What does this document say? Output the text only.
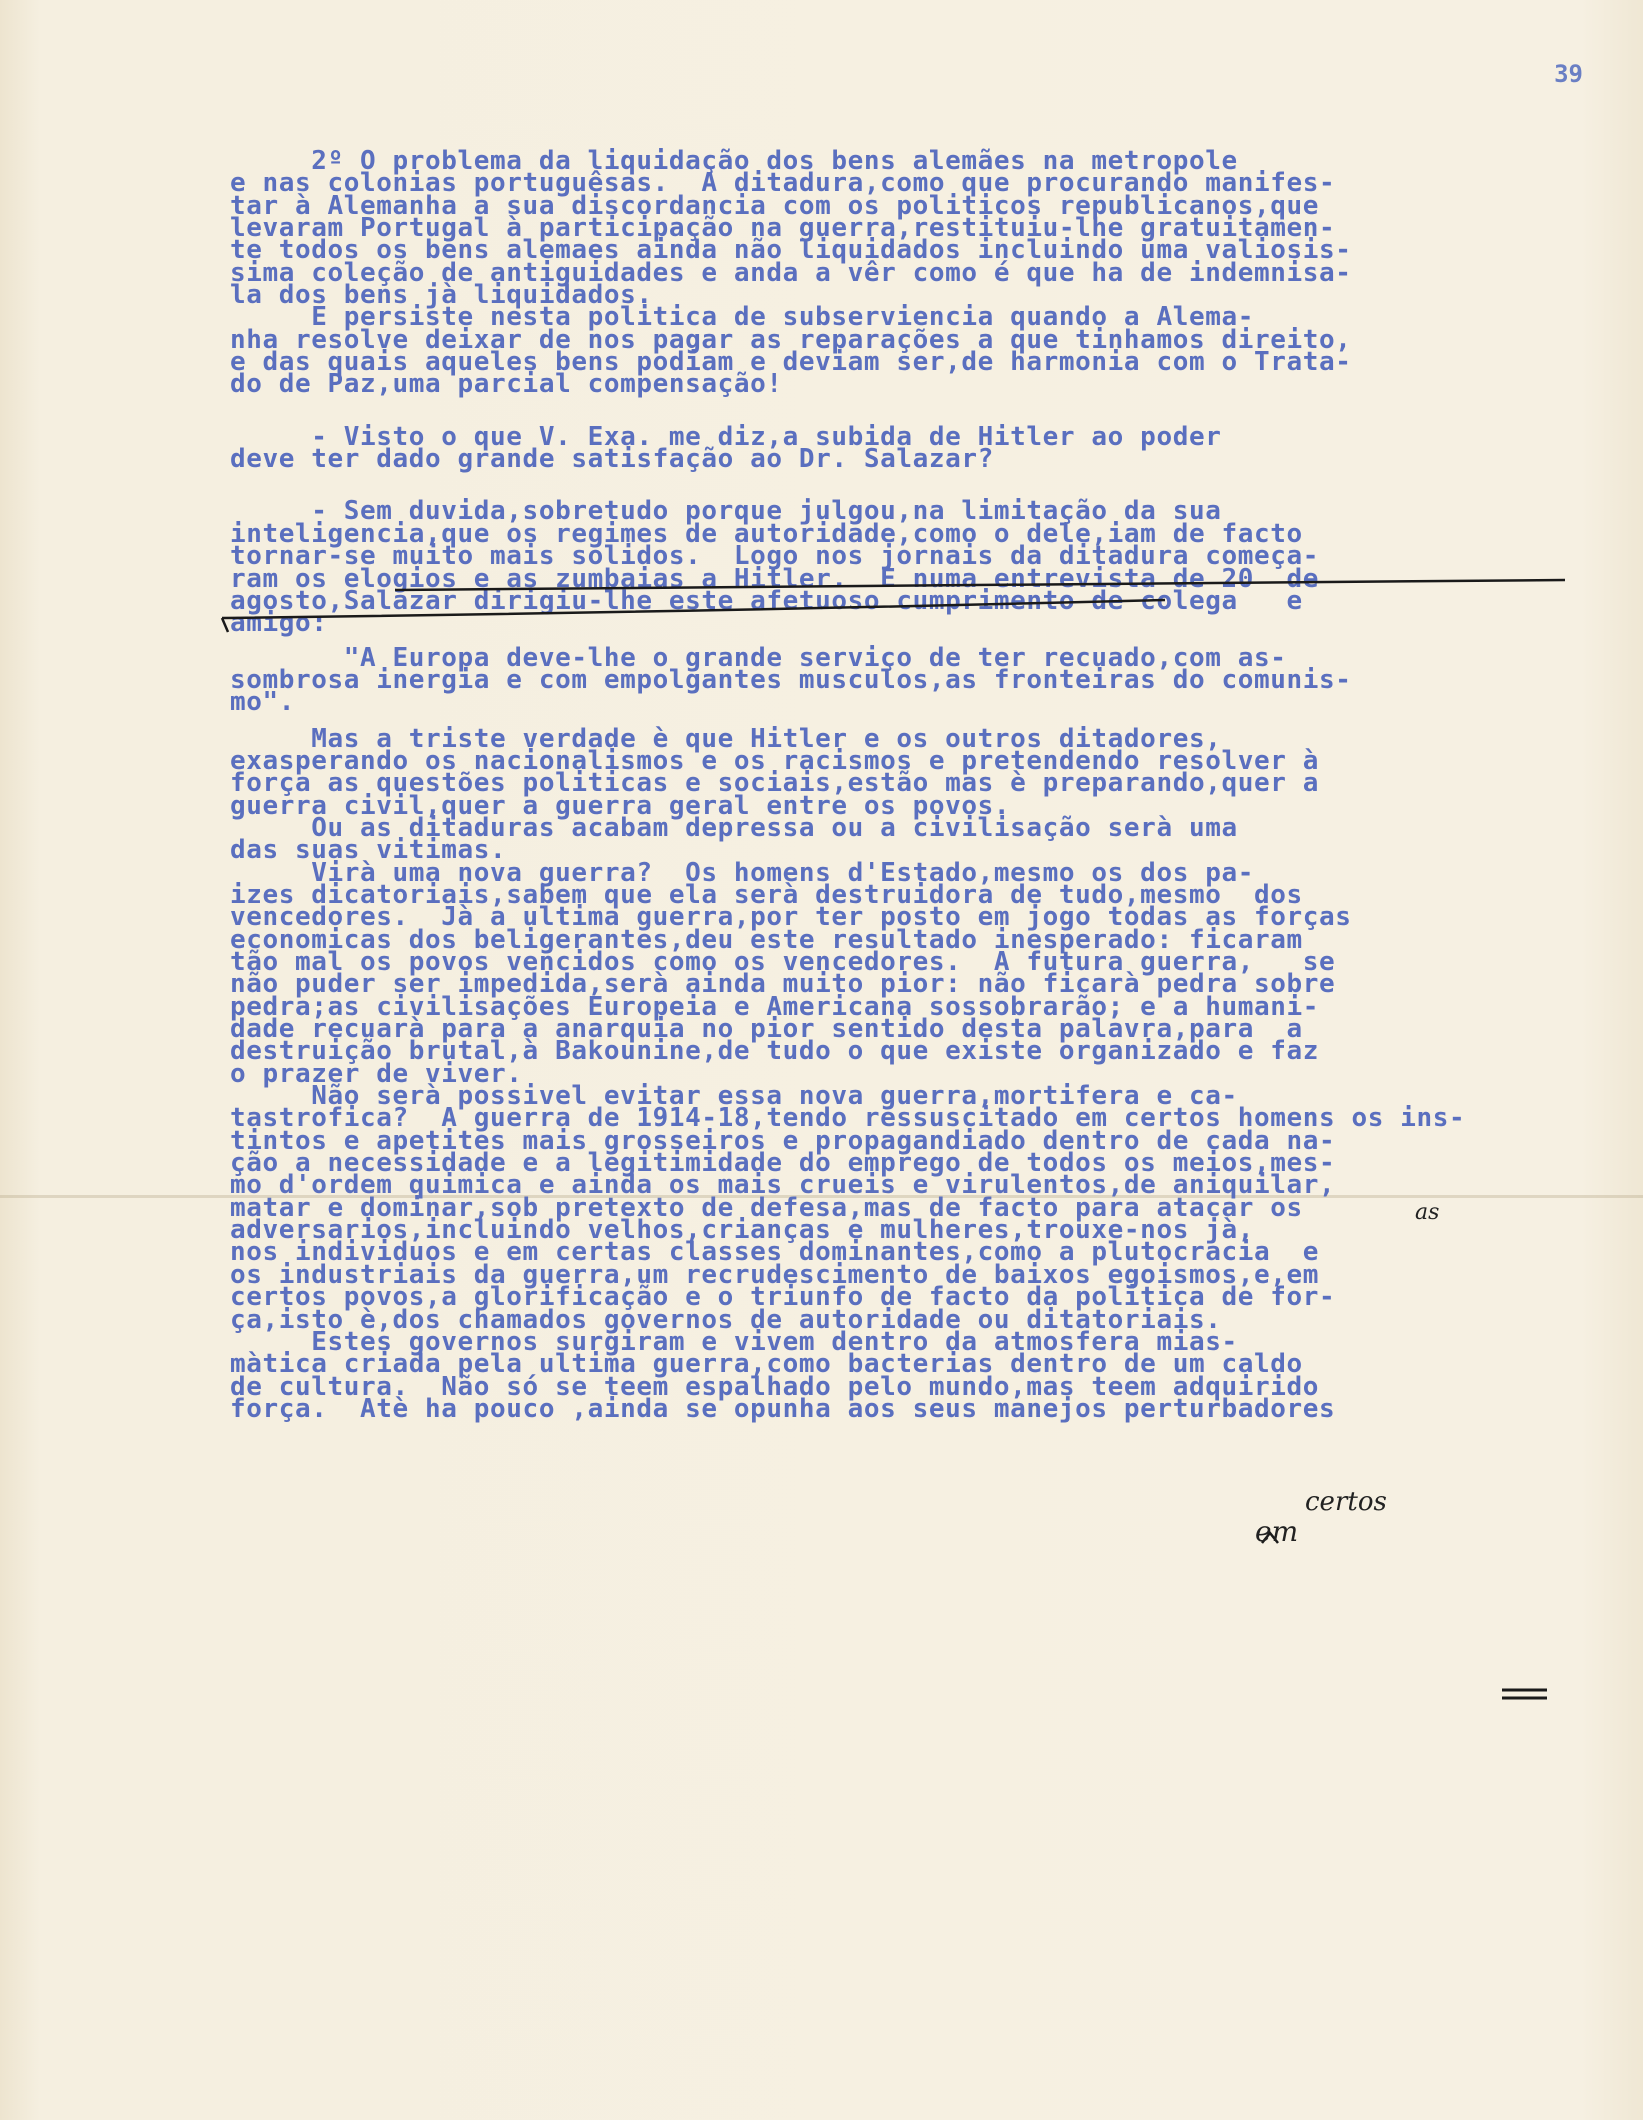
39
2º O problema da liquidação dos bens alemães na metropole
e nas colonias portuguêsas.  A ditadura,como que procurando manifes-
tar à Alemanha a sua discordancia com os politicos republicanos,que
levaram Portugal à participação na guerra,restituiu-lhe gratuitamen-
te todos os bens alemaes ainda não liquidados incluindo uma valiosis-
sima coleção de antiguidades e anda a vêr como é que ha de indemnisa-
la dos bens jà liquidados.
E persiste nesta politica de subserviencia quando a Alema-
nha resolve deixar de nos pagar as reparações a que tinhamos direito,
e das quais aqueles bens podiam e deviam ser,de harmonia com o Trata-
do de Paz,uma parcial compensação!
- Visto o que V. Exa. me diz,a subida de Hitler ao poder
deve ter dado grande satisfação ao Dr. Salazar?
- Sem duvida,sobretudo porque julgou,na limitação da sua
inteligencia,que os regimes de autoridade,como o dele,iam de facto
tornar-se muito mais solidos.  Logo nos jornais da ditadura começa-
ram os elogios e as zumbaias a Hitler.  E numa entrevista de 20  de
agosto,Salazar dirigiu-lhe este afetuoso cumprimento de colega   e
amigo:
"A Europa deve-lhe o grande serviço de ter recuado,com as-
sombrosa inergia e com empolgantes musculos,as fronteiras do comunis-
mo".
Mas a triste verdade è que Hitler e os outros ditadores,
exasperando os nacionalismos e os racismos e pretendendo resolver à
força as questões politicas e sociais,estão mas è preparando,quer a
guerra civil,quer a guerra geral entre os povos.
Ou as ditaduras acabam depressa ou a civilisação serà uma
das suas vitimas.
Virà uma nova guerra?  Os homens d'Estado,mesmo os dos pa-
izes dicatoriais,sabem que ela serà destruidora de tudo,mesmo  dos
vencedores.  Jà a ultima guerra,por ter posto em jogo todas as forças
economicas dos beligerantes,deu este resultado inesperado: ficaram
tão mal os povos vencidos como os vencedores.  A futura guerra,   se
não puder ser impedida,serà ainda muito pior: não ficarà pedra sobre
pedra;as civilisações Europeia e Americana sossobrarão; e a humani-
dade recuarà para a anarquia no pior sentido desta palavra,para  a
destruição brutal,à Bakounine,de tudo o que existe organizado e faz
o prazer de viver.
Não serà possivel evitar essa nova guerra,mortifera e ca-
tastrofica?  A guerra de 1914-18,tendo ressuscitado em certos homens os ins-
tintos e apetites mais grosseiros e propagandiado dentro de cada na-
ção a necessidade e a legitimidade do emprego de todos os meios,mes-
mo d'ordem quimica e ainda os mais crueis e virulentos,de aniquilar,
matar e dominar,sob pretexto de defesa,mas de facto para atacar os
adversarios,incluindo velhos,crianças e mulheres,trouxe-nos jà,
nos individuos e em certas classes dominantes,como a plutocracia  e
os industriais da guerra,um recrudescimento de baixos egoismos,e,em
certos povos,a glorificação e o triunfo de facto da politica de for-
ça,isto è,dos chamados governos de autoridade ou ditatoriais.
Estes governos surgiram e vivem dentro da atmosfera mias-
màtica criada pela ultima guerra,como bacterias dentro de um caldo
de cultura.  Não só se teem espalhado pelo mundo,mas teem adquirido
força.  Atè ha pouco ,ainda se opunha aos seus manejos perturbadores
certos
em
as
